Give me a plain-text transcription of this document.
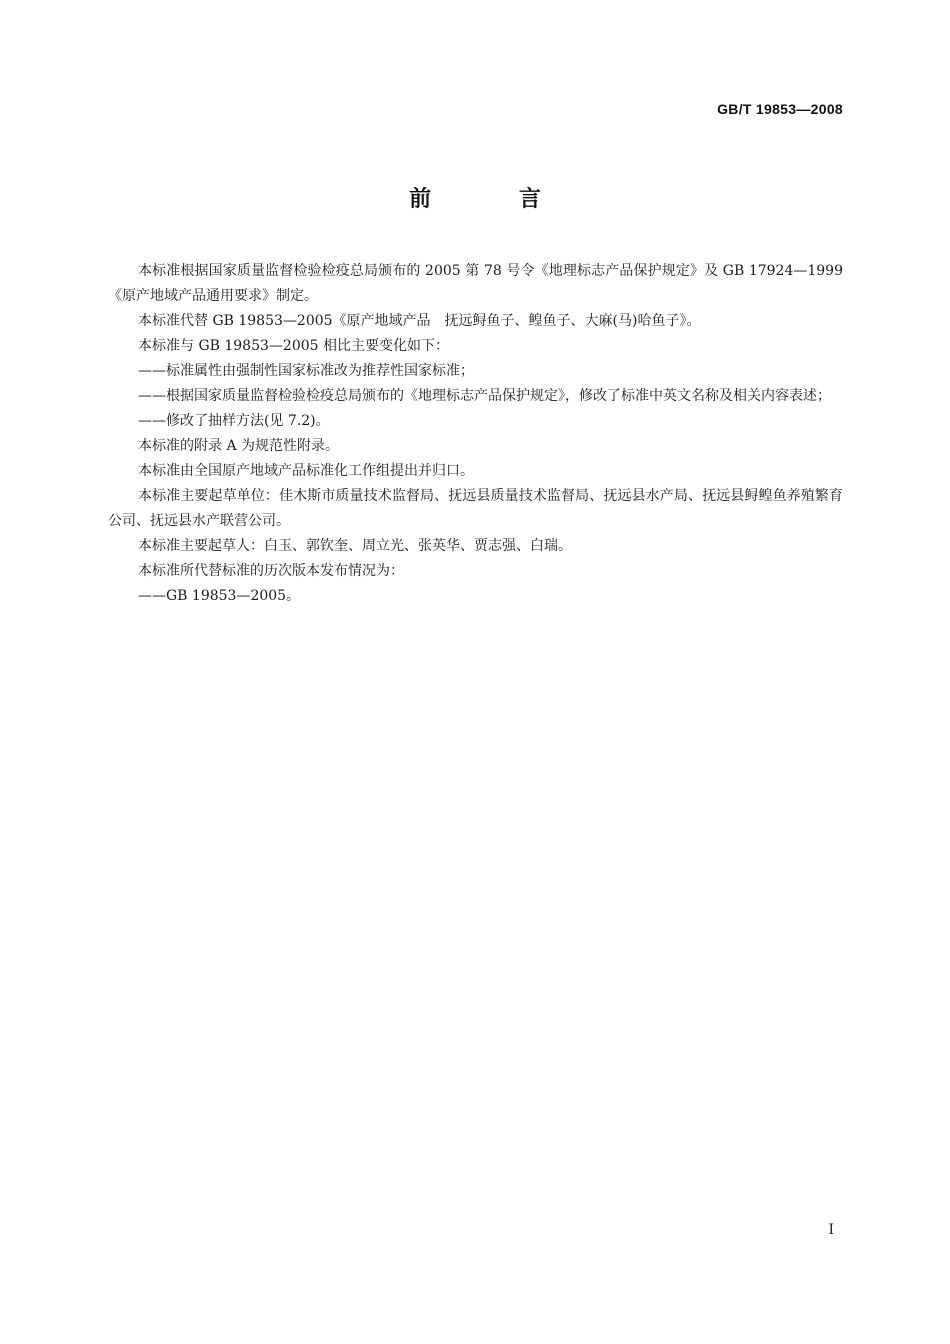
GB/T 19853—2008
前 言

本标准根据国家质量监督检验检疫总局颁布的 2005 第 78 号令《地理标志产品保护规定》及 GB 17924—1999《原产地域产品通用要求》制定。

本标准代替 GB 19853—2005《原产地域产品　抚远鲟鱼子、鳇鱼子、大麻(马)哈鱼子》。

本标准与 GB 19853—2005 相比主要变化如下：

——标准属性由强制性国家标准改为推荐性国家标准；

——根据国家质量监督检验检疫总局颁布的《地理标志产品保护规定》，修改了标准中英文名称及相关内容表述；

——修改了抽样方法(见 7.2)。

本标准的附录 A 为规范性附录。

本标准由全国原产地域产品标准化工作组提出并归口。

本标准主要起草单位：佳木斯市质量技术监督局、抚远县质量技术监督局、抚远县水产局、抚远县鲟鳇鱼养殖繁育公司、抚远县水产联营公司。

本标准主要起草人：白玉、郭钦奎、周立光、张英华、贾志强、白瑞。

本标准所代替标准的历次版本发布情况为：

——GB 19853—2005。

I
